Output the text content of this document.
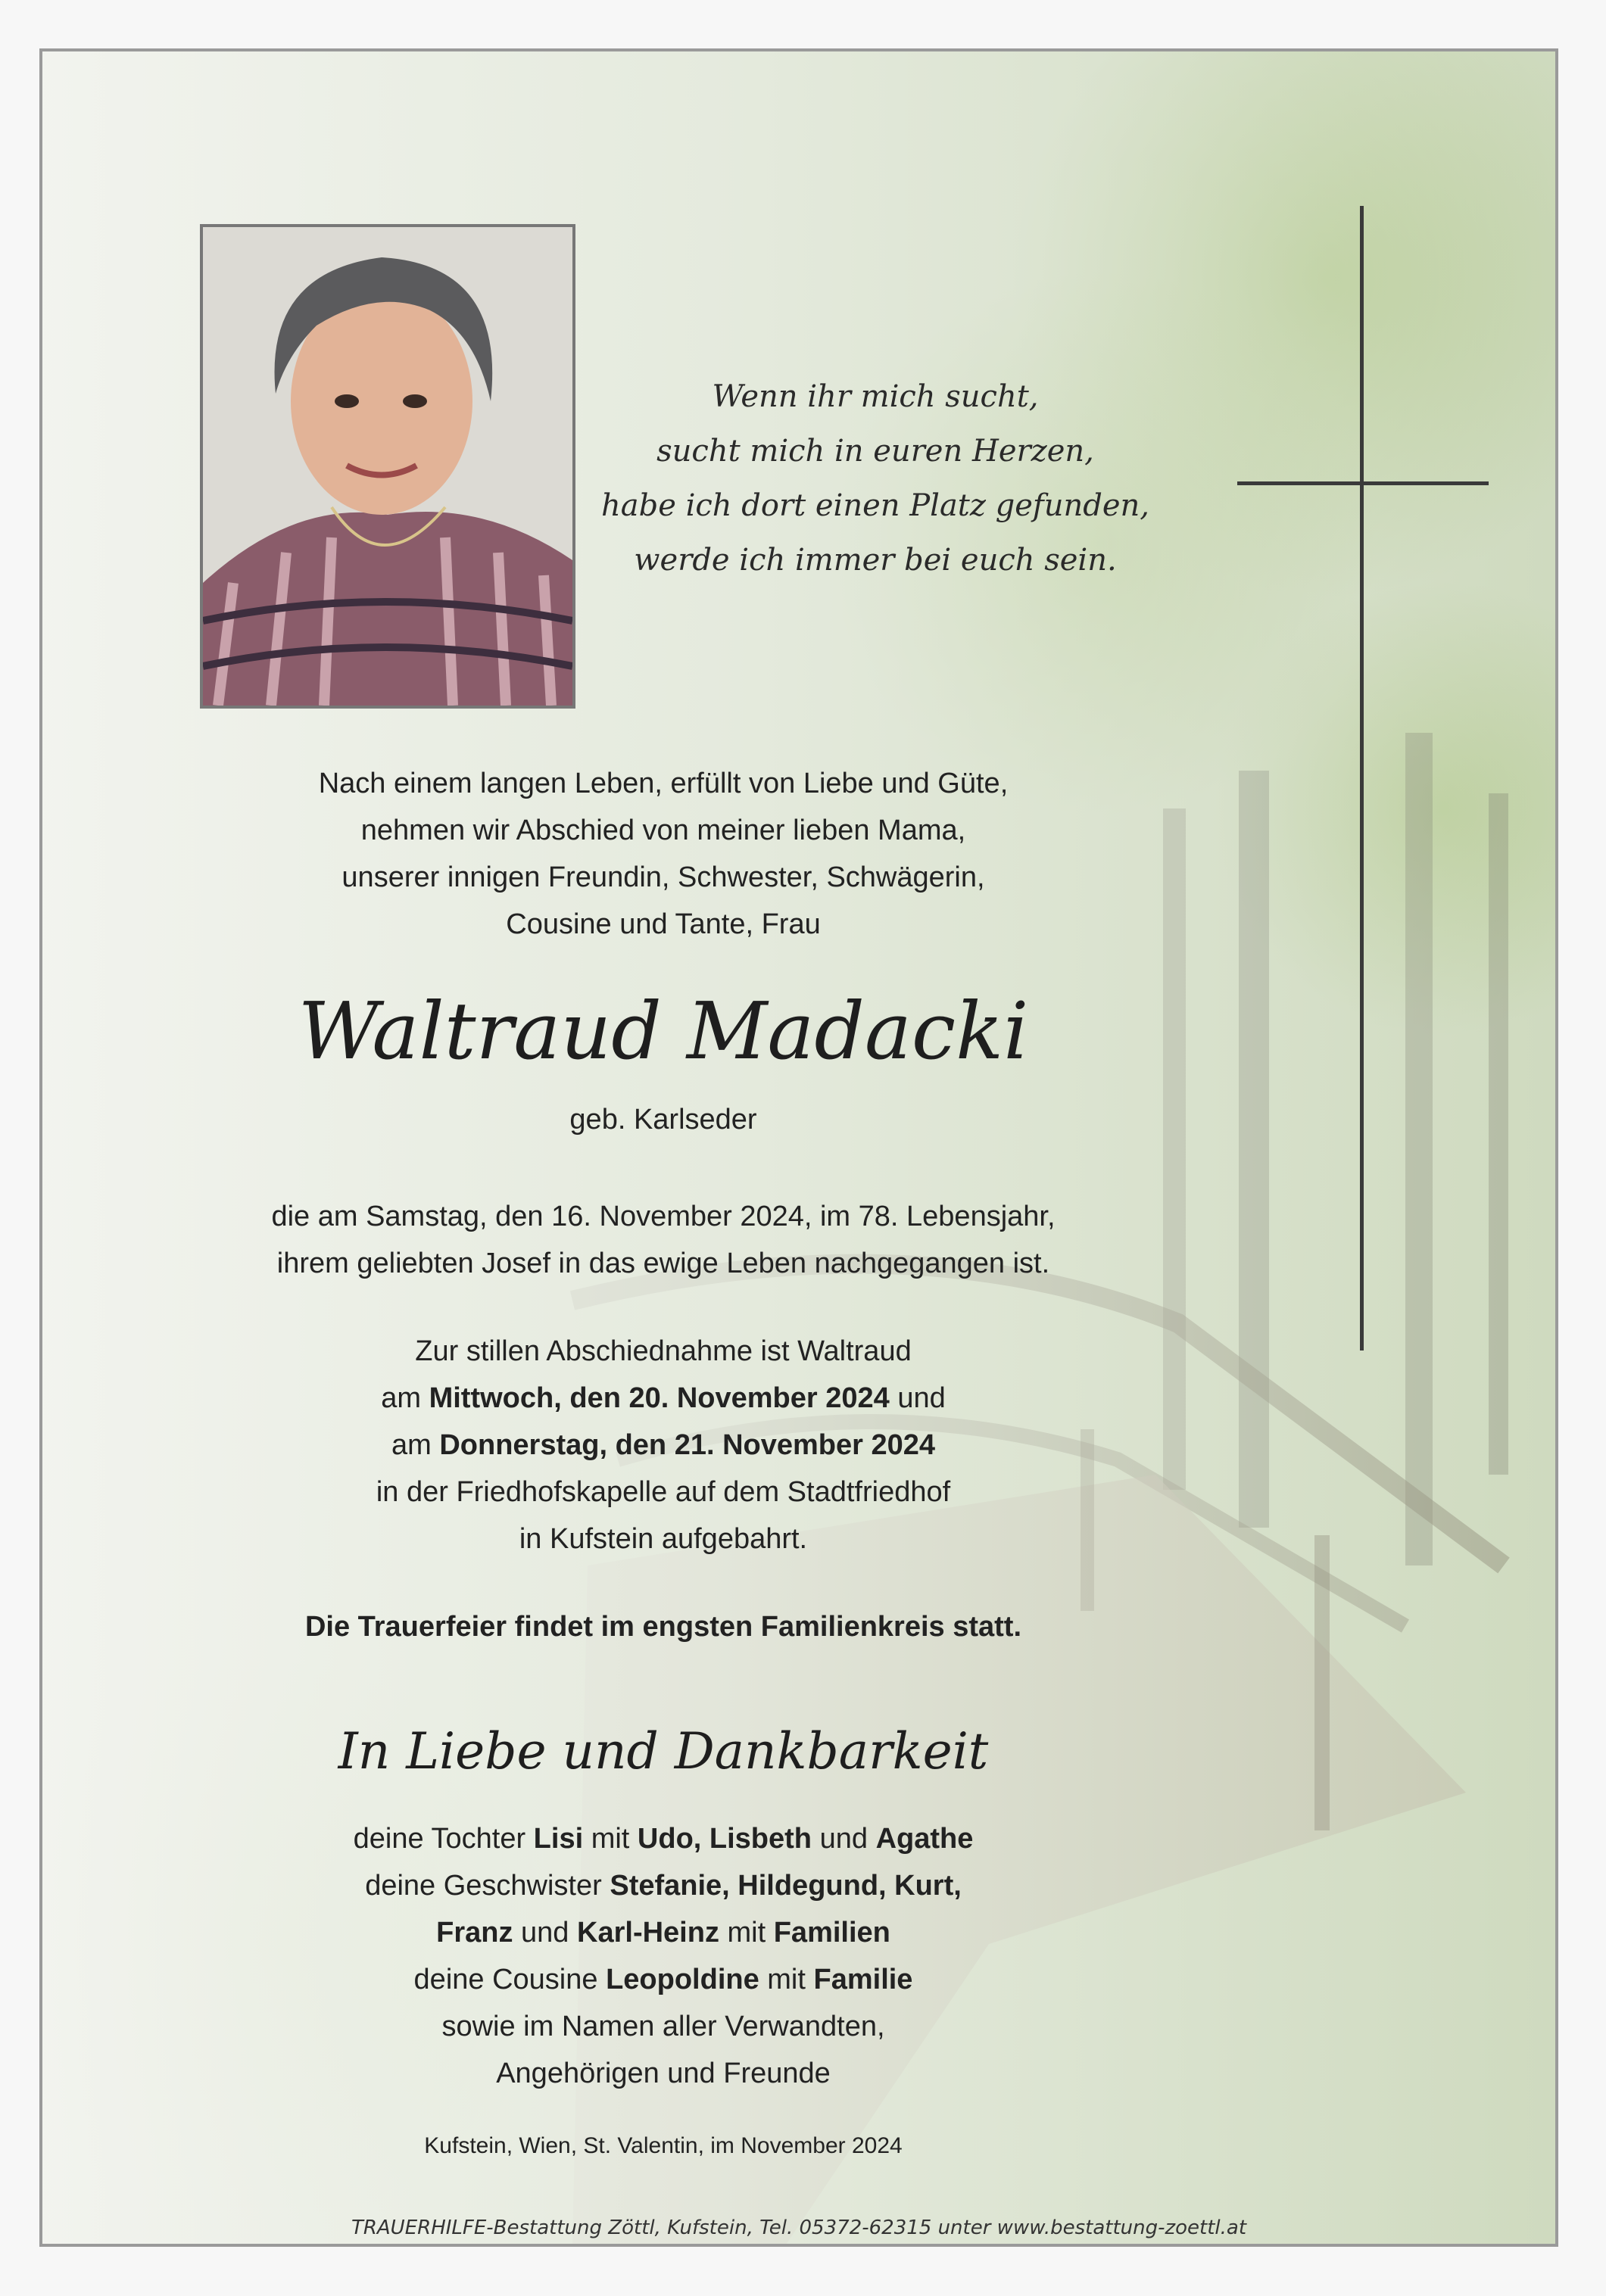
Wenn ihr mich sucht,
sucht mich in euren Herzen,
habe ich dort einen Platz gefunden,
werde ich immer bei euch sein.
Nach einem langen Leben, erfüllt von Liebe und Güte,
nehmen wir Abschied von meiner lieben Mama,
unserer innigen Freundin, Schwester, Schwägerin,
Cousine und Tante, Frau
Waltraud Madacki
geb. Karlseder
die am Samstag, den 16. November 2024, im 78. Lebensjahr,
ihrem geliebten Josef in das ewige Leben nachgegangen ist.
Zur stillen Abschiednahme ist Waltraud
am Mittwoch, den 20. November 2024 und
am Donnerstag, den 21. November 2024
in der Friedhofskapelle auf dem Stadtfriedhof
in Kufstein aufgebahrt.
Die Trauerfeier findet im engsten Familienkreis statt.
In Liebe und Dankbarkeit
deine Tochter Lisi mit Udo, Lisbeth und Agathe
deine Geschwister Stefanie, Hildegund, Kurt,
Franz und Karl-Heinz mit Familien
deine Cousine Leopoldine mit Familie
sowie im Namen aller Verwandten,
Angehörigen und Freunde
Kufstein, Wien, St. Valentin, im November 2024
TRAUERHILFE-Bestattung Zöttl, Kufstein, Tel. 05372-62315 unter www.bestattung-zoettl.at
